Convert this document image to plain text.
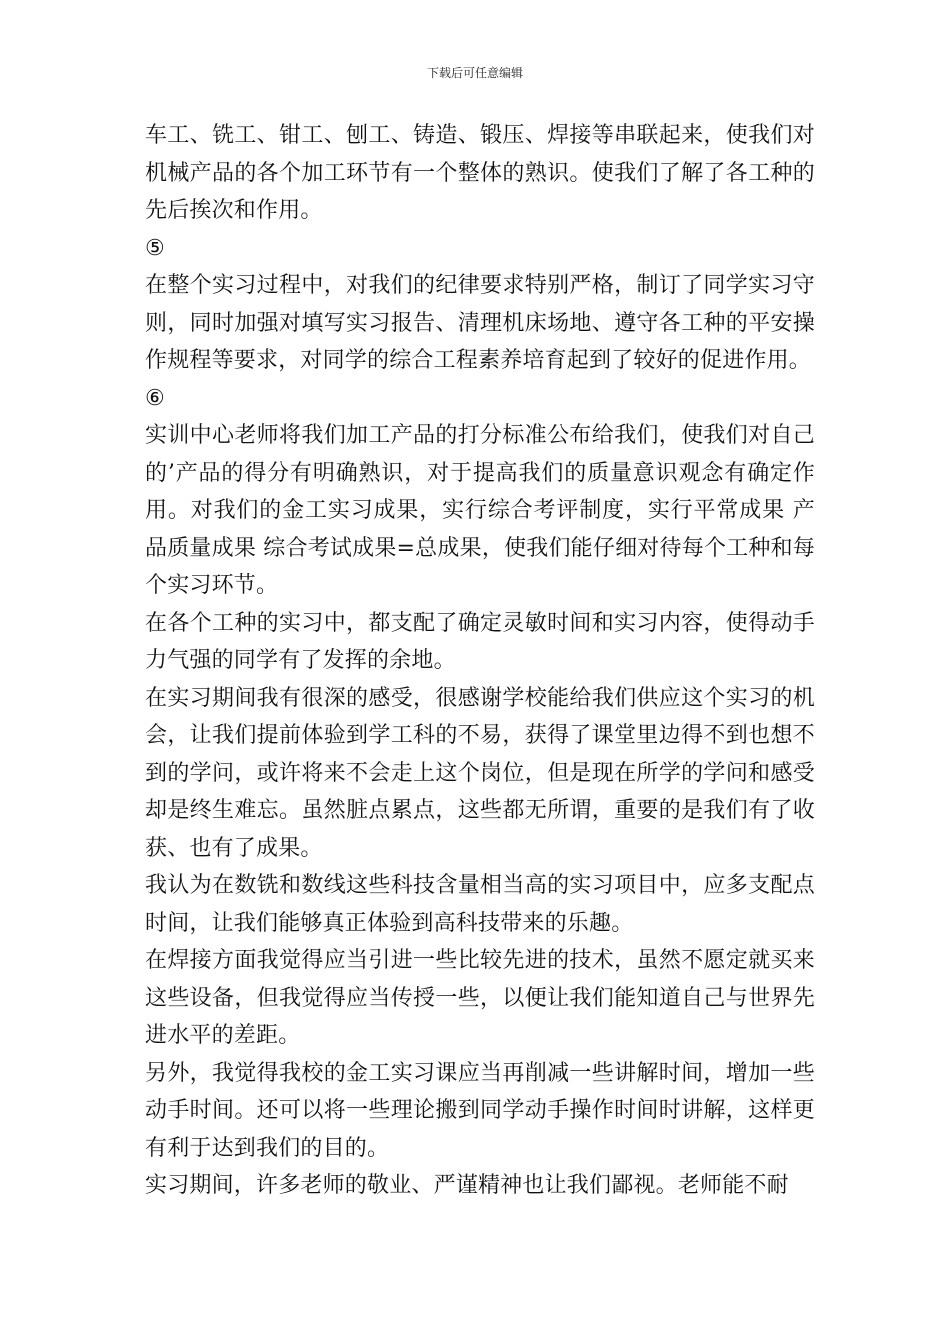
下载后可任意编辑

车工、铣工、钳工、刨工、铸造、锻压、焊接等串联起来，使我们对机械产品的各个加工环节有一个整体的熟识。使我们了解了各工种的先后挨次和作用。

⑤

在整个实习过程中，对我们的纪律要求特别严格，制订了同学实习守则，同时加强对填写实习报告、清理机床场地、遵守各工种的平安操作规程等要求，对同学的综合工程素养培育起到了较好的促进作用。

⑥

实训中心老师将我们加工产品的打分标准公布给我们，使我们对自己的’产品的得分有明确熟识，对于提高我们的质量意识观念有确定作用。对我们的金工实习成果，实行综合考评制度，实行平常成果 产品质量成果 综合考试成果=总成果，使我们能仔细对待每个工种和每个实习环节。

在各个工种的实习中，都支配了确定灵敏时间和实习内容，使得动手力气强的同学有了发挥的余地。

在实习期间我有很深的感受，很感谢学校能给我们供应这个实习的机会，让我们提前体验到学工科的不易，获得了课堂里边得不到也想不到的学问，或许将来不会走上这个岗位，但是现在所学的学问和感受却是终生难忘。虽然脏点累点，这些都无所谓，重要的是我们有了收获、也有了成果。

我认为在数铣和数线这些科技含量相当高的实习项目中，应多支配点时间，让我们能够真正体验到高科技带来的乐趣。

在焊接方面我觉得应当引进一些比较先进的技术，虽然不愿定就买来这些设备，但我觉得应当传授一些，以便让我们能知道自己与世界先进水平的差距。

另外，我觉得我校的金工实习课应当再削减一些讲解时间，增加一些动手时间。还可以将一些理论搬到同学动手操作时间时讲解，这样更有利于达到我们的目的。

实习期间，许多老师的敬业、严谨精神也让我们鄙视。老师能不耐
